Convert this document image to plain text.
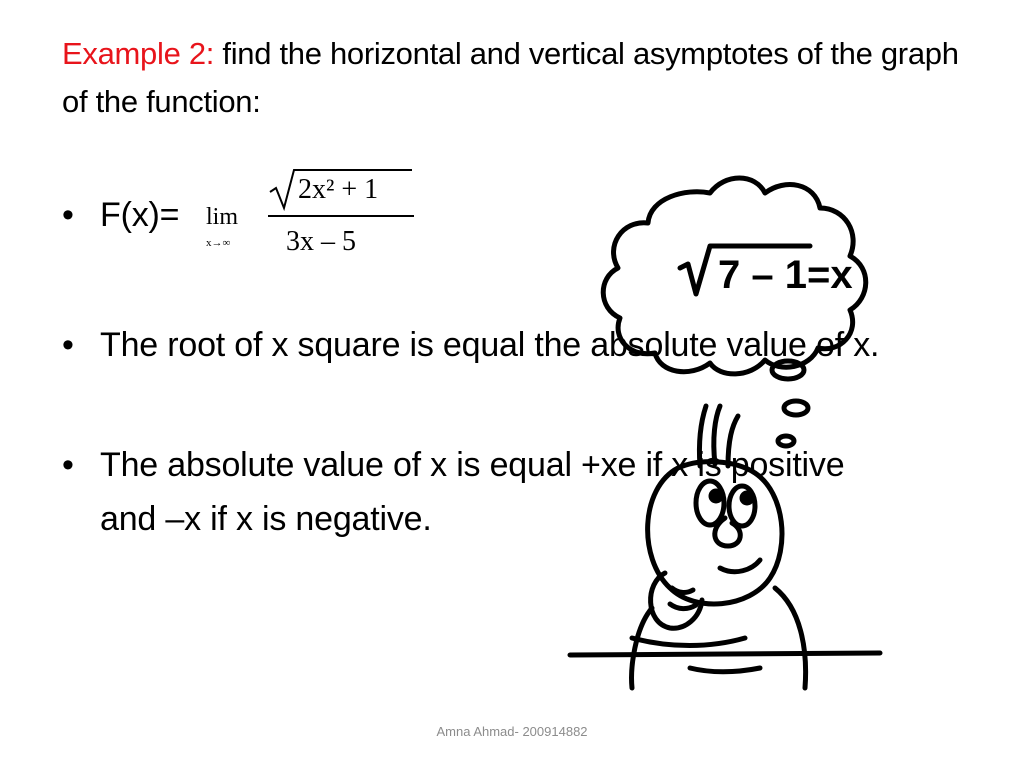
Example 2: find the horizontal and vertical asymptotes of the graph of the function:
• F(x)= lim
x→∞
2x² + 1
3x – 5
7 – 1=x
• The root of x square is equal the absolute value of x.
• The absolute value of x is equal +xe if x is positive and –x if x is negative.
Amna Ahmad- 200914882
